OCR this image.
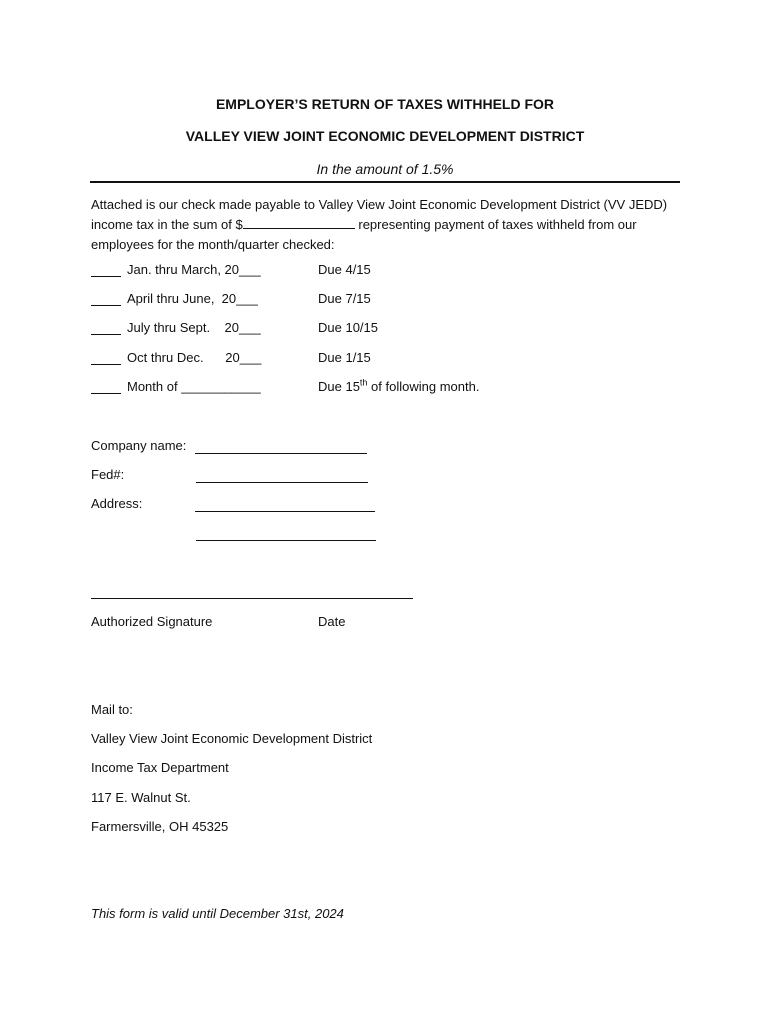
EMPLOYER’S RETURN OF TAXES WITHHELD FOR
VALLEY VIEW JOINT ECONOMIC DEVELOPMENT DISTRICT
In the amount of 1.5%
Attached is our check made payable to Valley View Joint Economic Development District (VV JEDD) income tax in the sum of $	representing payment of taxes withheld from our employees for the month/quarter checked:
Jan. thru March, 20___	Due 4/15
April thru June,  20___	Due 7/15
July thru Sept.    20___	Due 10/15
Oct thru Dec.      20___	Due 1/15
Month of ___________	Due 15th of following month.
Company name:
Fed#:
Address:
Authorized Signature	Date
Mail to:
Valley View Joint Economic Development District
Income Tax Department
117 E. Walnut St.
Farmersville, OH 45325
This form is valid until December 31st, 2024
